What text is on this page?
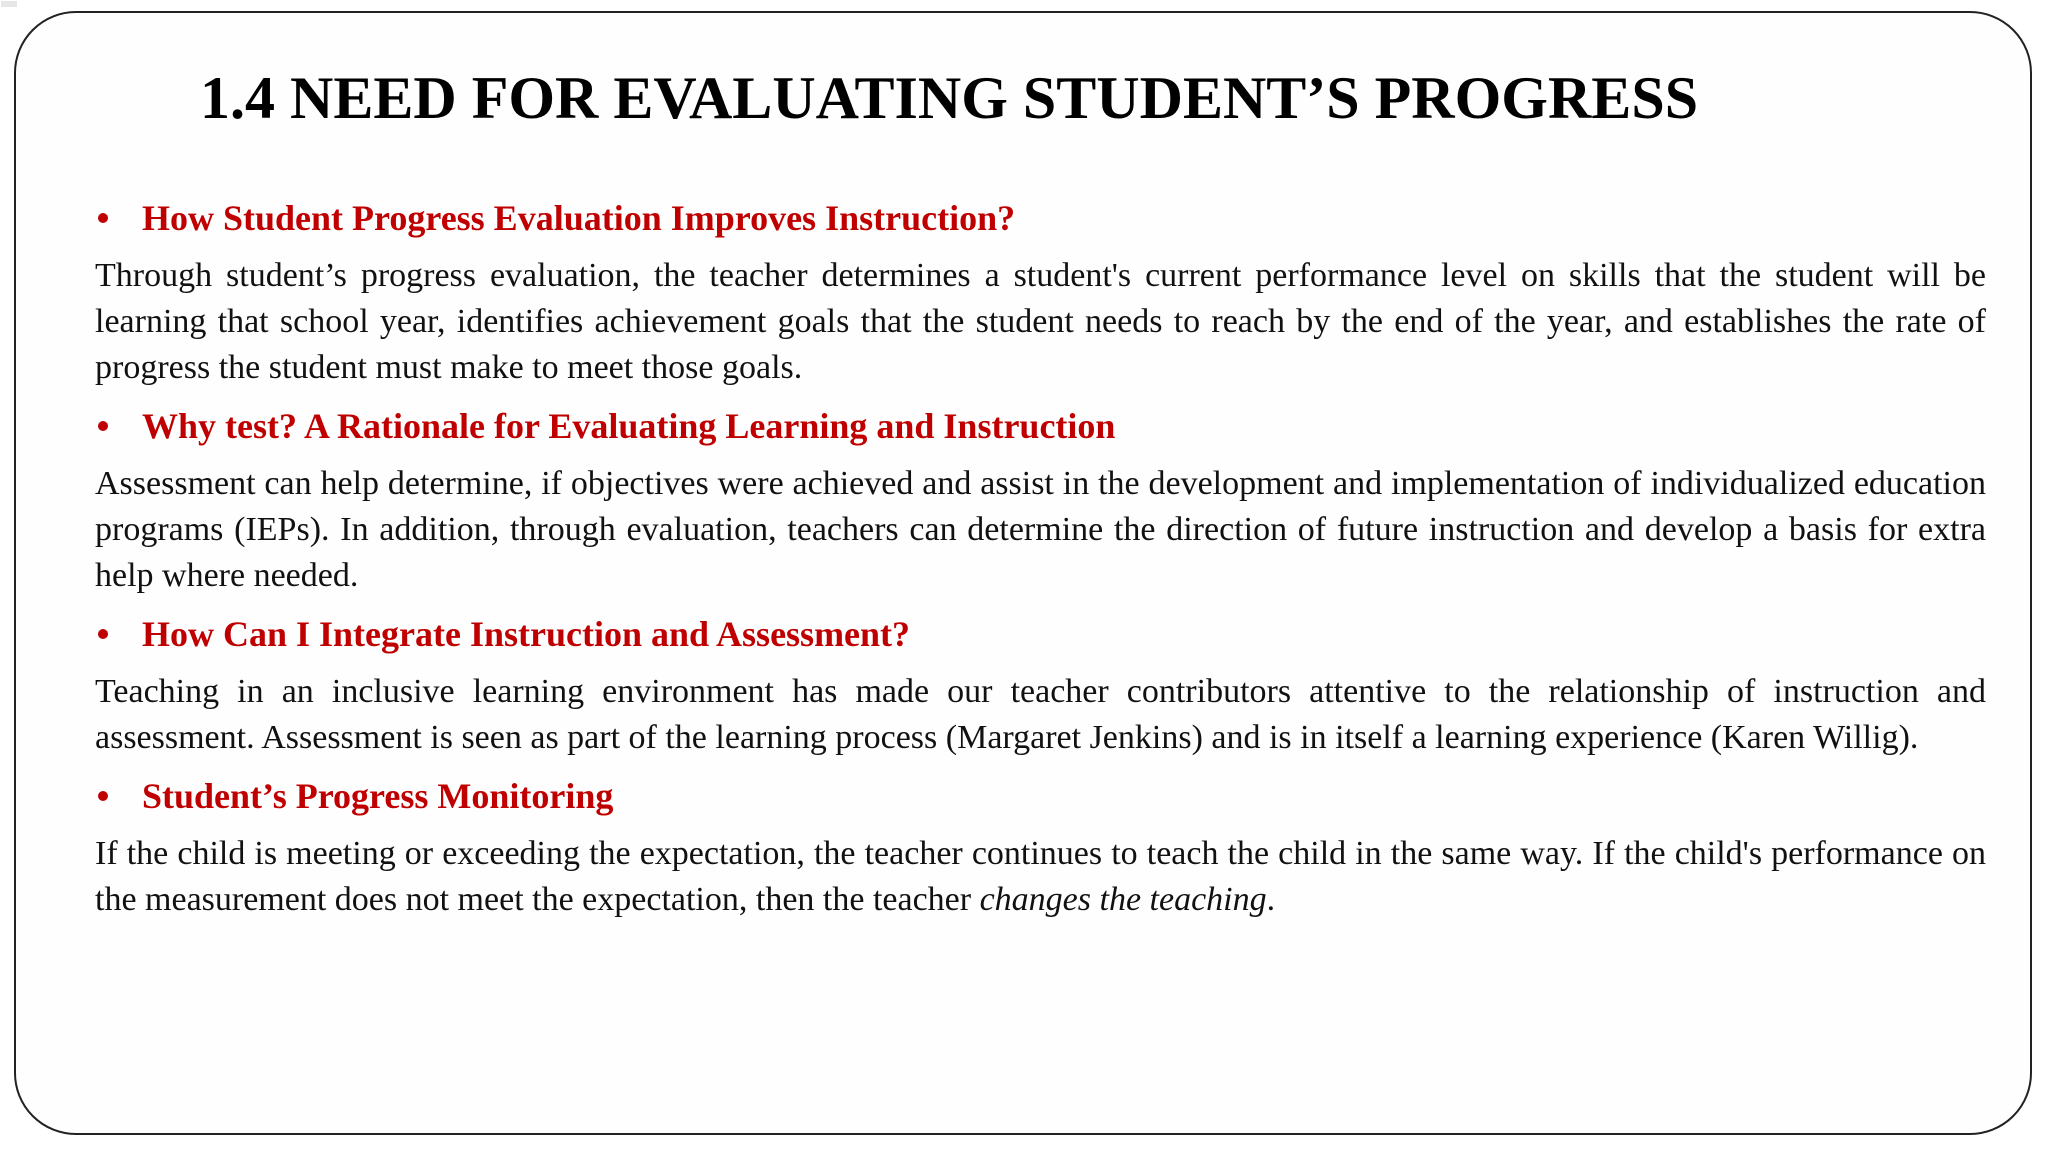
1.4 NEED FOR EVALUATING STUDENT’S PROGRESS
How Student Progress Evaluation Improves Instruction?
Through student’s progress evaluation, the teacher determines a student's current performance level on skills that the student will be learning that school year, identifies achievement goals that the student needs to reach by the end of the year, and establishes the rate of progress the student must make to meet those goals.
Why test? A Rationale for Evaluating Learning and Instruction
Assessment can help determine, if objectives were achieved and assist in the development and implementation of individualized education programs (IEPs). In addition, through evaluation, teachers can determine the direction of future instruction and develop a basis for extra help where needed.
How Can I Integrate Instruction and Assessment?
Teaching in an inclusive learning environment has made our teacher contributors attentive to the relationship of instruction and assessment. Assessment is seen as part of the learning process (Margaret Jenkins) and is in itself a learning experience (Karen Willig).
Student’s Progress Monitoring
If the child is meeting or exceeding the expectation, the teacher continues to teach the child in the same way. If the child's performance on the measurement does not meet the expectation, then the teacher changes the teaching.
